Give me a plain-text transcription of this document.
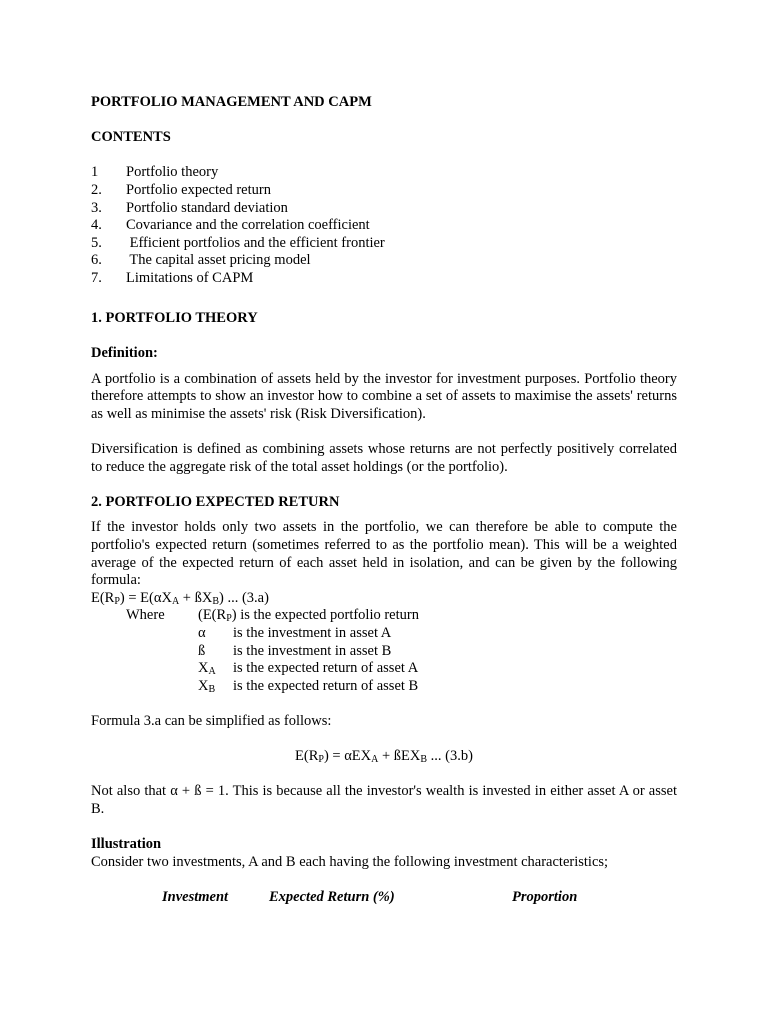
PORTFOLIO MANAGEMENT AND CAPM

CONTENTS

1	Portfolio theory
2.	Portfolio expected return
3.	Portfolio standard deviation
4.	Covariance and the correlation coefficient
5.	Efficient portfolios and the efficient frontier
6.	The capital asset pricing model
7.	Limitations of CAPM

1. PORTFOLIO THEORY

Definition:

A portfolio is a combination of assets held by the investor for investment purposes. Portfolio theory therefore attempts to show an investor how to combine a set of assets to maximise the assets' returns as well as minimise the assets' risk (Risk Diversification).

Diversification is defined as combining assets whose returns are not perfectly positively correlated to reduce the aggregate risk of the total asset holdings (or the portfolio).

2. PORTFOLIO EXPECTED RETURN

If the investor holds only two assets in the portfolio, we can therefore be able to compute the portfolio's expected return (sometimes referred to as the portfolio mean). This will be a weighted average of the expected return of each asset held in isolation, and can be given by the following formula:

$E(R_P) = E(\alpha X_A$ + $ßX_B$) ... (3.a)
Where	($E(R_P)$ is the expected portfolio return
α	is the investment in asset A
ß	is the investment in asset B
$X_A$	is the expected return of asset A
$X_B$	is the expected return of asset B

Formula 3.a can be simplified as follows:

$E(R_P) = \alpha EX_A$ + ßEX$_B$ ... (3.b)

Not also that α + ß = 1. This is because all the investor's wealth is invested in either asset A or asset B.

Illustration

Consider two investments, A and B each having the following investment characteristics;

Investment	Expected Return (%)	Proportion
